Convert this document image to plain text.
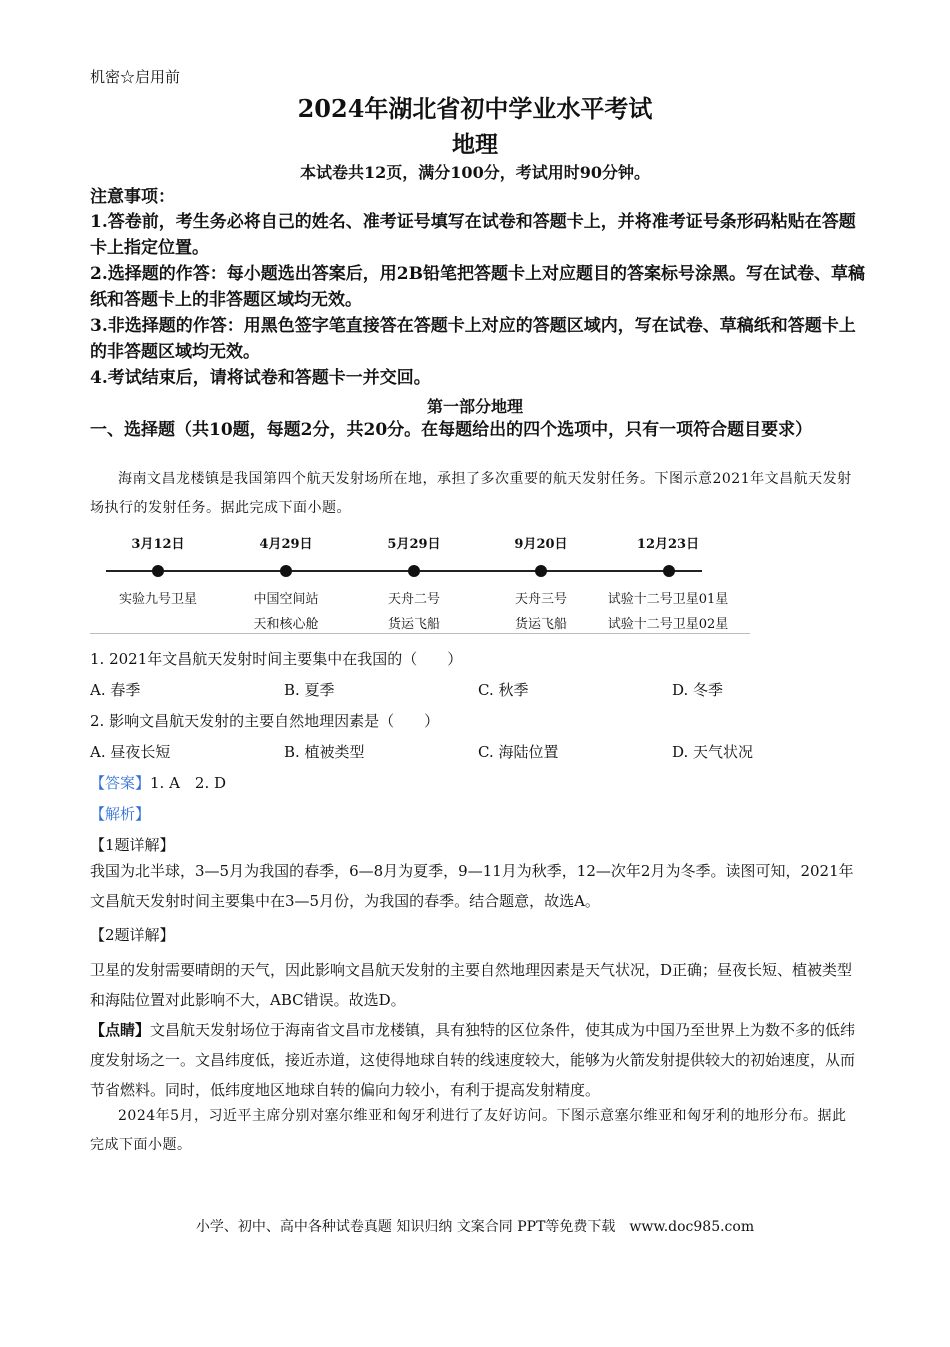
机密☆启用前
2024年湖北省初中学业水平考试
地理
本试卷共12页，满分100分，考试用时90分钟。
注意事项：
1.答卷前，考生务必将自己的姓名、准考证号填写在试卷和答题卡上，并将准考证号条形码粘贴在答题卡上指定位置。
2.选择题的作答：每小题选出答案后，用2B铅笔把答题卡上对应题目的答案标号涂黑。写在试卷、草稿纸和答题卡上的非答题区域均无效。
3.非选择题的作答：用黑色签字笔直接答在答题卡上对应的答题区域内，写在试卷、草稿纸和答题卡上的非答题区域均无效。
4.考试结束后，请将试卷和答题卡一并交回。
第一部分地理
一、选择题（共10题，每题2分，共20分。在每题给出的四个选项中，只有一项符合题目要求）
海南文昌龙楼镇是我国第四个航天发射场所在地，承担了多次重要的航天发射任务。下图示意2021年文昌航天发射场执行的发射任务。据此完成下面小题。
3月12日
实验九号卫星
4月29日
中国空间站
天和核心舱
5月29日
天舟二号
货运飞船
9月20日
天舟三号
货运飞船
12月23日
试验十二号卫星01星
试验十二号卫星02星
1. 2021年文昌航天发射时间主要集中在我国的（　　）
A. 春季	B. 夏季	C. 秋季	D. 冬季
2. 影响文昌航天发射的主要自然地理因素是（　　）
A. 昼夜长短	B. 植被类型	C. 海陆位置	D. 天气状况
【答案】1. A　2. D
【解析】
【1题详解】
我国为北半球，3—5月为我国的春季，6—8月为夏季，9—11月为秋季，12—次年2月为冬季。读图可知，2021年文昌航天发射时间主要集中在3—5月份，为我国的春季。结合题意，故选A。
【2题详解】
卫星的发射需要晴朗的天气，因此影响文昌航天发射的主要自然地理因素是天气状况，D正确；昼夜长短、植被类型和海陆位置对此影响不大，ABC错误。故选D。
【点睛】文昌航天发射场位于海南省文昌市龙楼镇，具有独特的区位条件，使其成为中国乃至世界上为数不多的低纬度发射场之一。文昌纬度低，接近赤道，这使得地球自转的线速度较大，能够为火箭发射提供较大的初始速度，从而节省燃料。同时，低纬度地区地球自转的偏向力较小，有利于提高发射精度。
2024年5月，习近平主席分别对塞尔维亚和匈牙利进行了友好访问。下图示意塞尔维亚和匈牙利的地形分布。据此完成下面小题。
小学、初中、高中各种试卷真题 知识归纳 文案合同 PPT等免费下载　www.doc985.com
